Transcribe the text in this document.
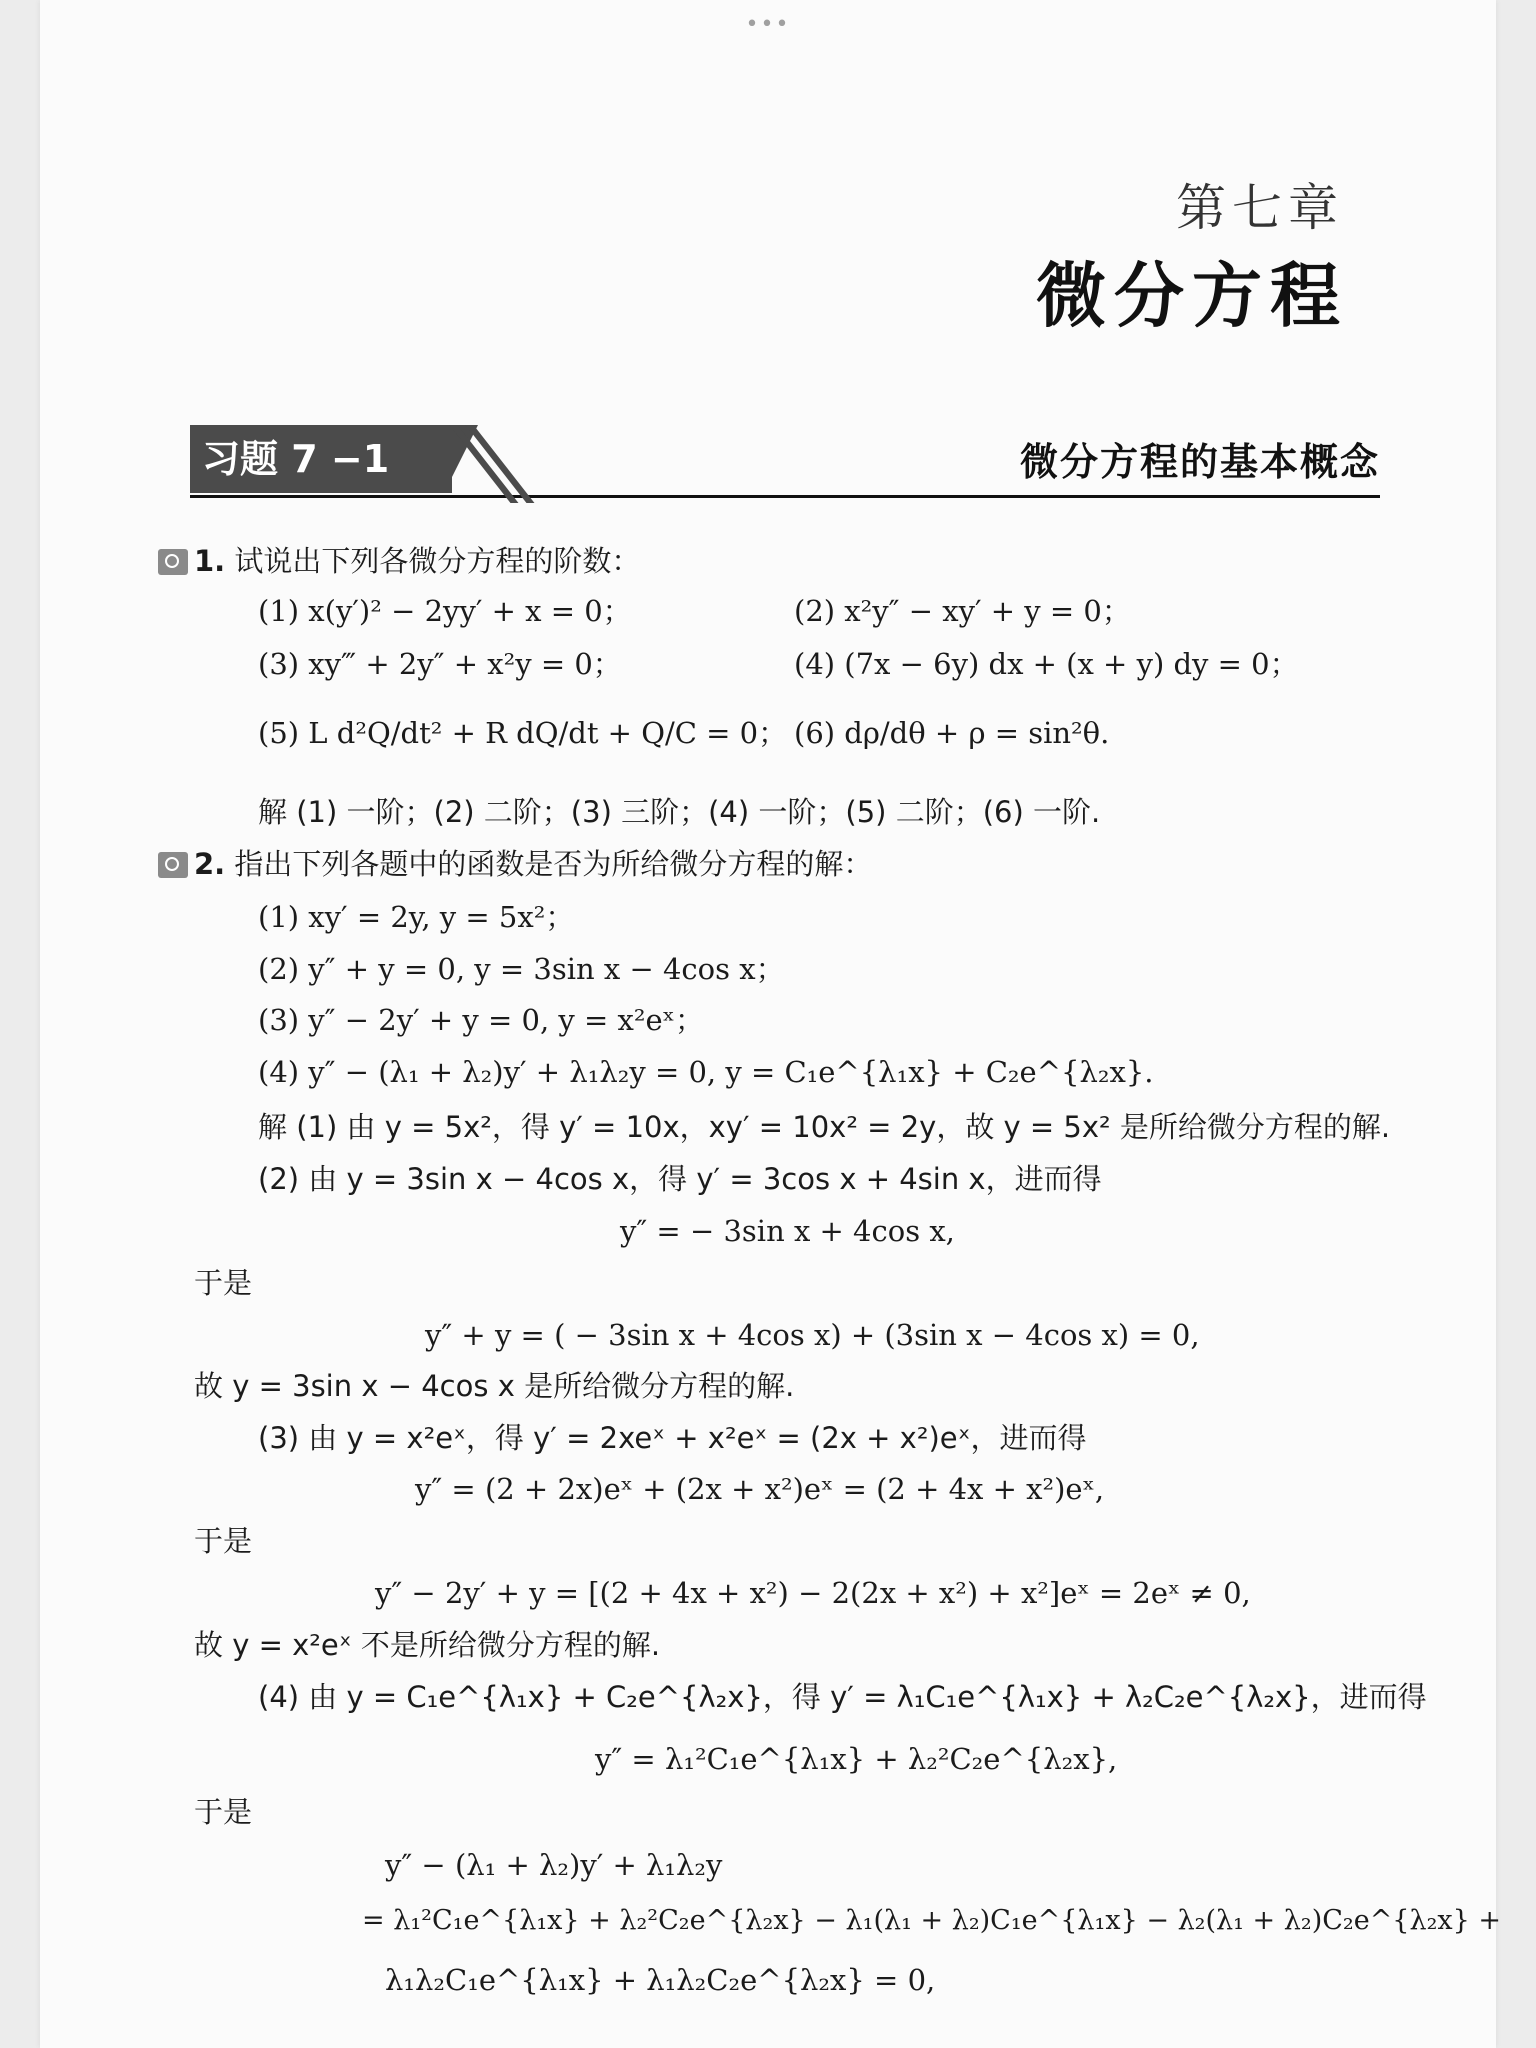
•••
第七章
微分方程
习题 7 −1	微分方程的基本概念
1. 试说出下列各微分方程的阶数：
(1) x(y′)² − 2yy′ + x = 0；	(2) x²y″ − xy′ + y = 0；
(3) xy‴ + 2y″ + x²y = 0；	(4) (7x − 6y) dx + (x + y) dy = 0；
(5) L d²Q/dt² + R dQ/dt + Q/C = 0； (6) dρ/dθ + ρ = sin²θ.
解 (1) 一阶；(2) 二阶；(3) 三阶；(4) 一阶；(5) 二阶；(6) 一阶.
2. 指出下列各题中的函数是否为所给微分方程的解：
(1) xy′ = 2y, y = 5x²；
(2) y″ + y = 0, y = 3sin x − 4cos x；
(3) y″ − 2y′ + y = 0, y = x²eˣ；
(4) y″ − (λ₁ + λ₂)y′ + λ₁λ₂y = 0, y = C₁e^{λ₁x} + C₂e^{λ₂x}.
解 (1) 由 y = 5x²，得 y′ = 10x，xy′ = 10x² = 2y，故 y = 5x² 是所给微分方程的解.
(2) 由 y = 3sin x − 4cos x，得 y′ = 3cos x + 4sin x，进而得
y″ = − 3sin x + 4cos x,
于是
y″ + y = ( − 3sin x + 4cos x) + (3sin x − 4cos x) = 0,
故 y = 3sin x − 4cos x 是所给微分方程的解.
(3) 由 y = x²eˣ，得 y′ = 2xeˣ + x²eˣ = (2x + x²)eˣ，进而得
y″ = (2 + 2x)eˣ + (2x + x²)eˣ = (2 + 4x + x²)eˣ,
于是
y″ − 2y′ + y = [(2 + 4x + x²) − 2(2x + x²) + x²]eˣ = 2eˣ ≠ 0,
故 y = x²eˣ 不是所给微分方程的解.
(4) 由 y = C₁e^{λ₁x} + C₂e^{λ₂x}，得 y′ = λ₁C₁e^{λ₁x} + λ₂C₂e^{λ₂x}，进而得
y″ = λ₁²C₁e^{λ₁x} + λ₂²C₂e^{λ₂x},
于是
y″ − (λ₁ + λ₂)y′ + λ₁λ₂y
= λ₁²C₁e^{λ₁x} + λ₂²C₂e^{λ₂x} − λ₁(λ₁ + λ₂)C₁e^{λ₁x} − λ₂(λ₁ + λ₂)C₂e^{λ₂x} +
λ₁λ₂C₁e^{λ₁x} + λ₁λ₂C₂e^{λ₂x} = 0,
